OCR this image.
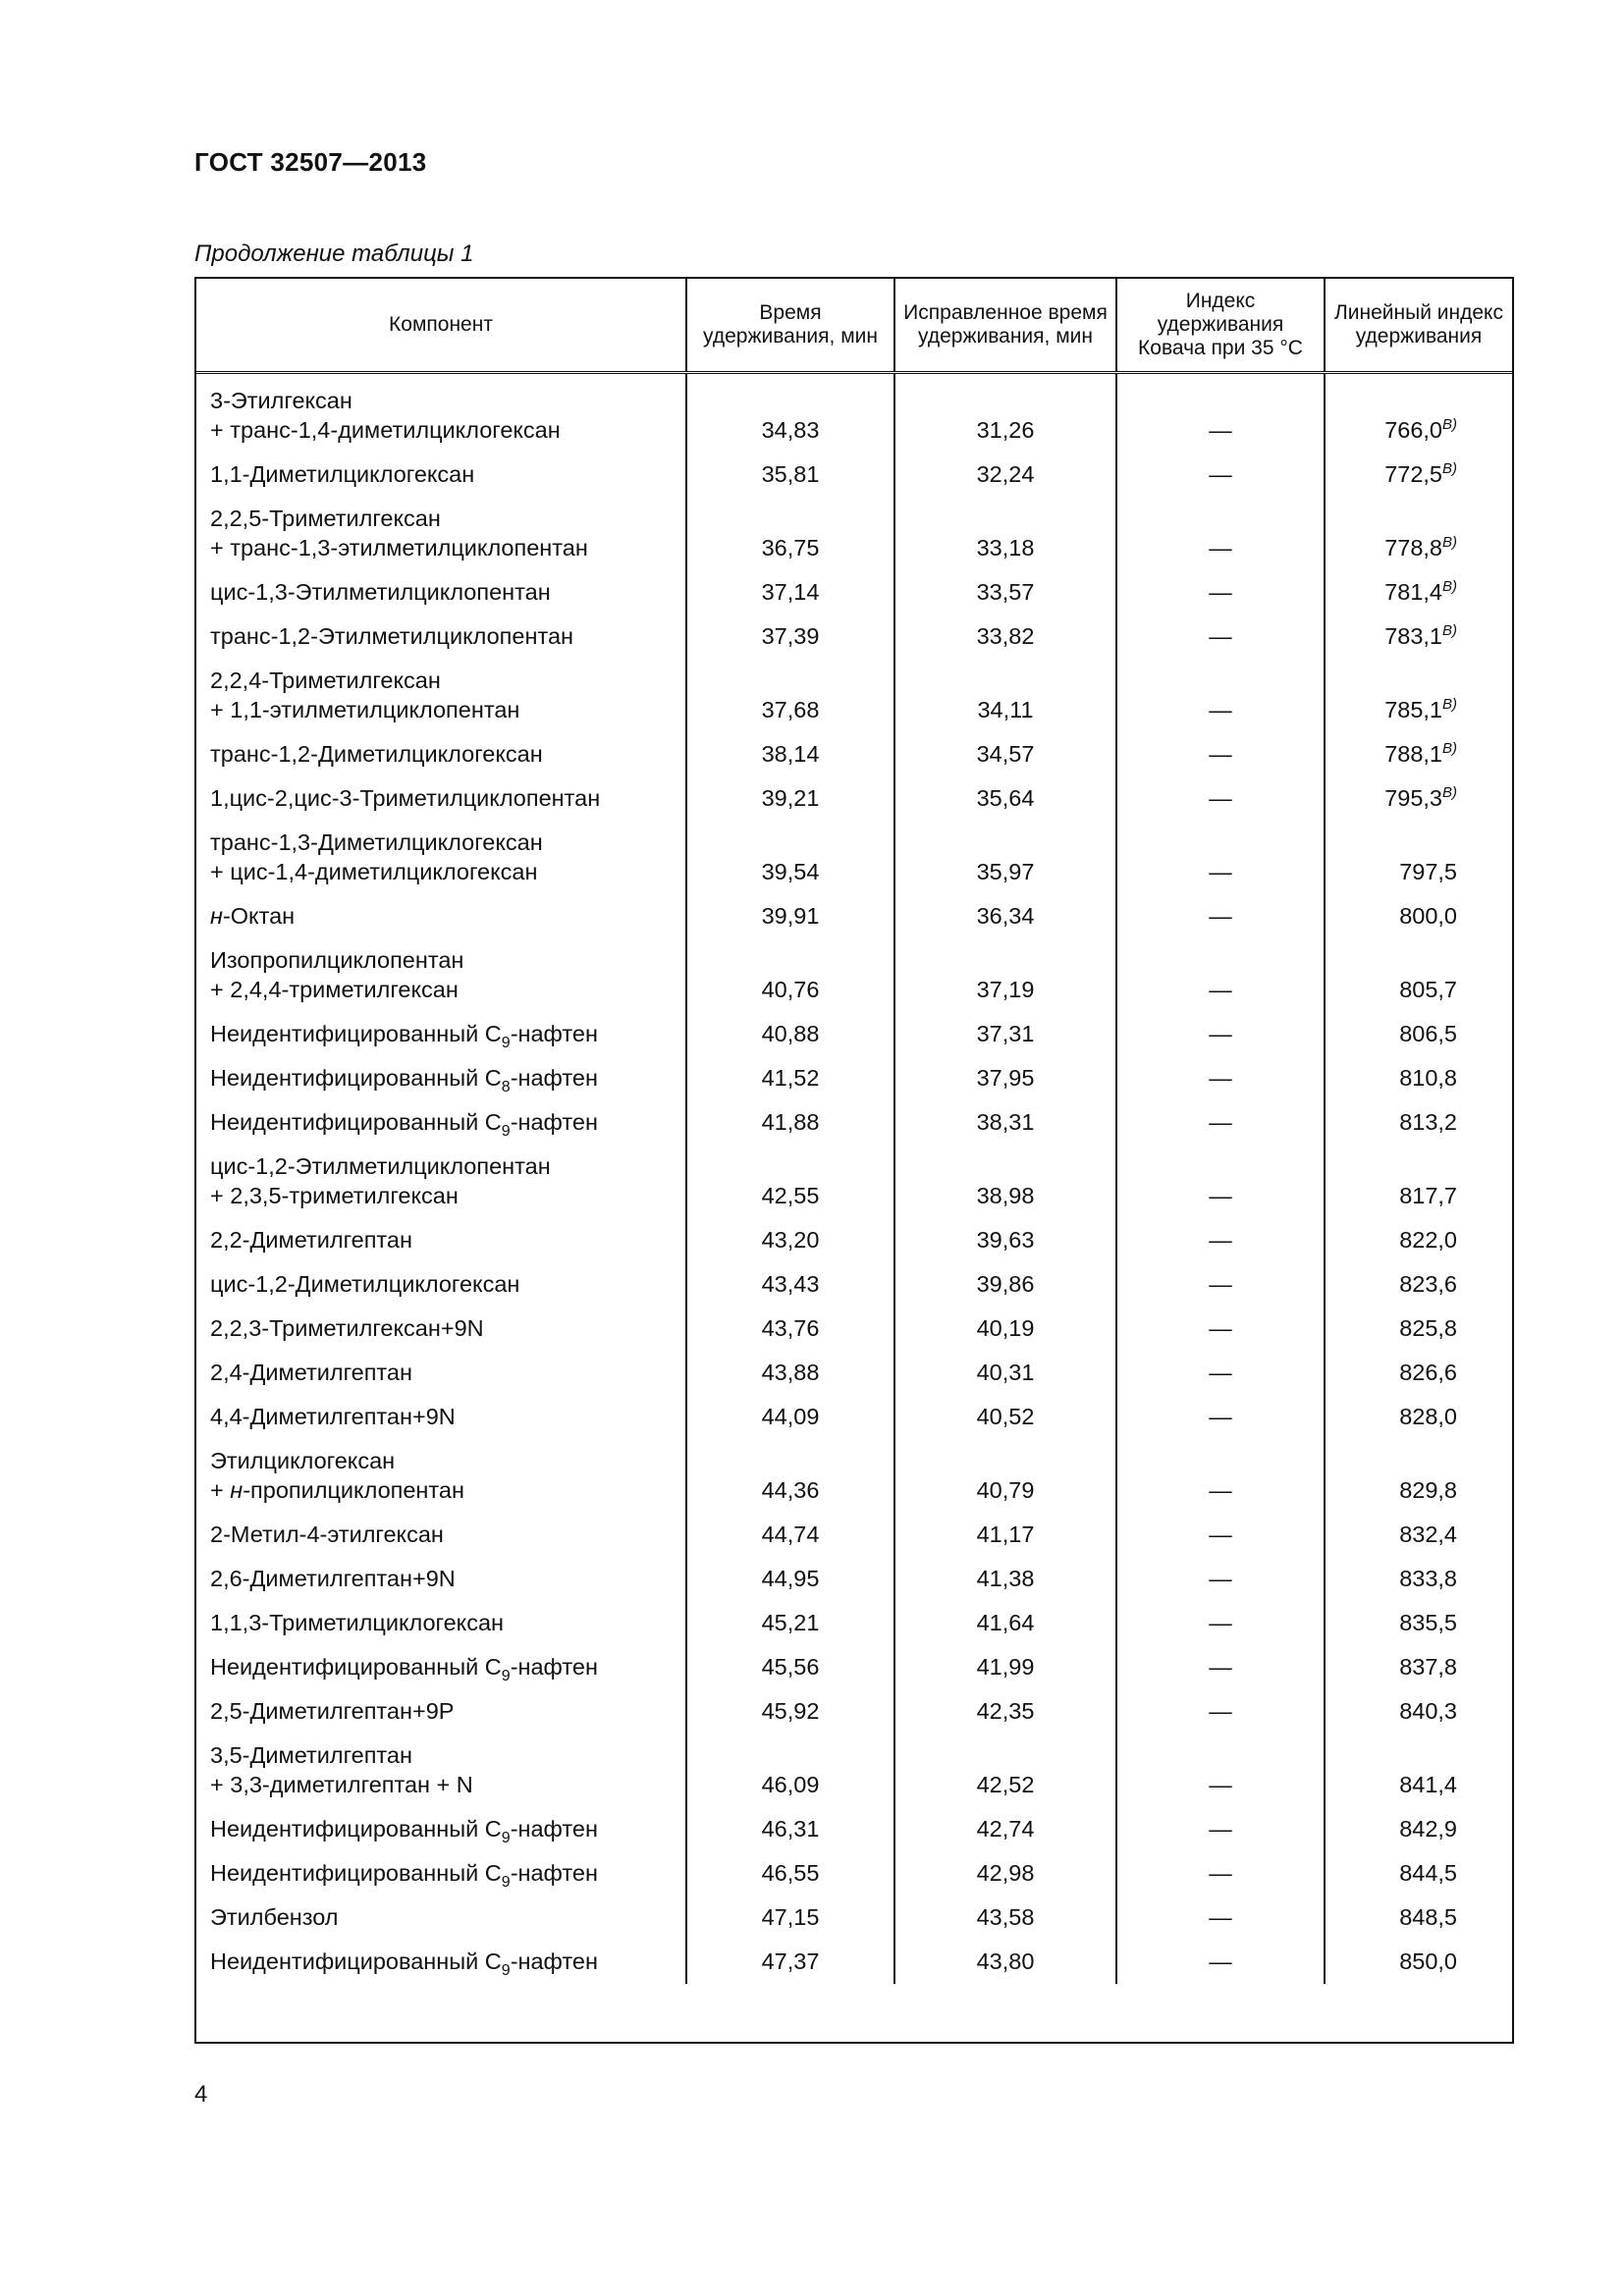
ГОСТ 32507—2013
Продолжение таблицы 1
Компонент	Время удерживания, мин	Исправленное время удерживания, мин	Индекс удерживания Ковача при 35 °С	Линейный индекс удерживания

3-Этилгексан
+ транс-1,4-диметилциклогексан	34,83	31,26	—	766,0$^{В)}$

1,1-Диметилциклогексан	35,81	32,24	—	772,5$^{В)}$

2,2,5-Триметилгексан
+ транс-1,3-этилметилциклопентан	36,75	33,18	—	778,8$^{В)}$

цис-1,3-Этилметилциклопентан	37,14	33,57	—	781,4$^{В)}$

транс-1,2-Этилметилциклопентан	37,39	33,82	—	783,1$^{В)}$

2,2,4-Триметилгексан
+ 1,1-этилметилциклопентан	37,68	34,11	—	785,1$^{В)}$

транс-1,2-Диметилциклогексан	38,14	34,57	—	788,1$^{В)}$

1,цис-2,цис-3-Триметилциклопентан	39,21	35,64	—	795,3$^{В)}$

транс-1,3-Диметилциклогексан
+ цис-1,4-диметилциклогексан	39,54	35,97	—	797,5

н-Октан	39,91	36,34	—	800,0

Изопропилциклопентан
+ 2,4,4-триметилгексан	40,76	37,19	—	805,7

Неидентифицированный $С_9$-нафтен	40,88	37,31	—	806,5

Неидентифицированный $С_8$-нафтен	41,52	37,95	—	810,8

Неидентифицированный $С_9$-нафтен	41,88	38,31	—	813,2

цис-1,2-Этилметилциклопентан
+ 2,3,5-триметилгексан	42,55	38,98	—	817,7

2,2-Диметилгептан	43,20	39,63	—	822,0

цис-1,2-Диметилциклогексан	43,43	39,86	—	823,6

2,2,3-Триметилгексан+9N	43,76	40,19	—	825,8

2,4-Диметилгептан	43,88	40,31	—	826,6

4,4-Диметилгептан+9N	44,09	40,52	—	828,0

Этилциклогексан
+ н-пропилциклопентан	44,36	40,79	—	829,8

2-Метил-4-этилгексан	44,74	41,17	—	832,4

2,6-Диметилгептан+9N	44,95	41,38	—	833,8

1,1,3-Триметилциклогексан	45,21	41,64	—	835,5

Неидентифицированный $С_9$-нафтен	45,56	41,99	—	837,8

2,5-Диметилгептан+9P	45,92	42,35	—	840,3

3,5-Диметилгептан
+ 3,3-диметилгептан + N	46,09	42,52	—	841,4

Неидентифицированный $С_9$-нафтен	46,31	42,74	—	842,9

Неидентифицированный $С_9$-нафтен	46,55	42,98	—	844,5

Этилбензол	47,15	43,58	—	848,5

Неидентифицированный $С_9$-нафтен	47,37	43,80	—	850,0

4
